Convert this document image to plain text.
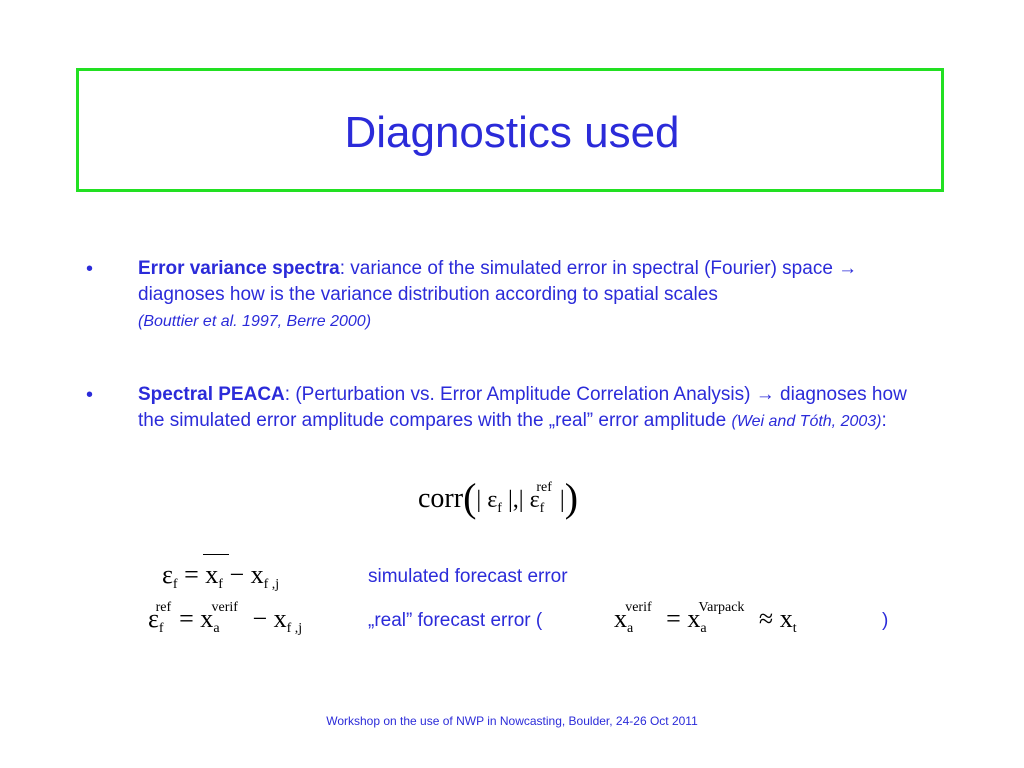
Diagnostics used
• Error variance spectra: variance of the simulated error in spectral (Fourier) space → diagnoses how is the variance distribution according to spatial scales
(Bouttier et al. 1997, Berre 2000)
• Spectral PEACA: (Perturbation vs. Error Amplitude Correlation Analysis) → diagnoses how the simulated error amplitude compares with the „real” error amplitude (Wei and Tóth, 2003):
corr(| $\varepsilon_f$ |,| $\varepsilon_f^{ref}$ |)
$\varepsilon_f$ =
$x_f - x_{f ,j}$	simulated forecast error
$\varepsilon_f^{ref} = x_a^{verif} - x_{f ,j}$	„real” forecast error (	$x_a^{verif} = x_a^{Varpack} \approx x_t$	)
Workshop on the use of NWP in Nowcasting, Boulder, 24-26 Oct 2011
